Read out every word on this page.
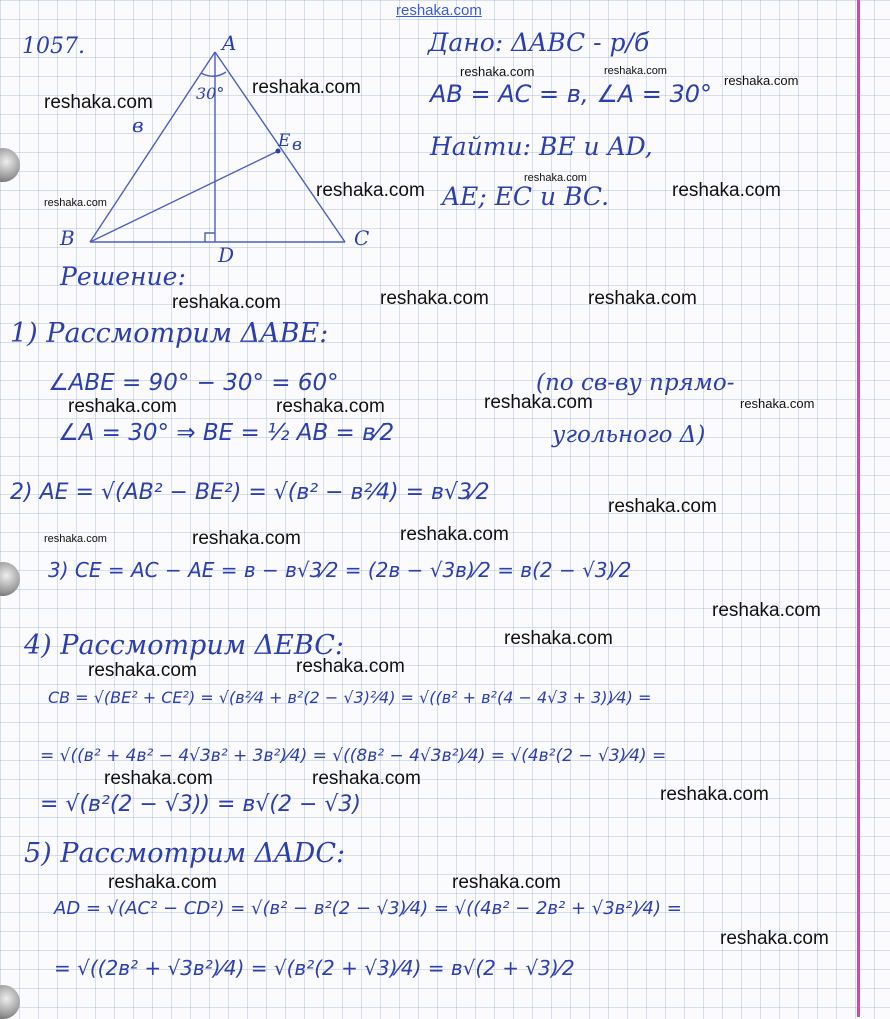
reshaka.com
A
B	C
D
E в
30°
в
1057.	Дано: ΔABC - р/б
AB = AC = в, ∠A = 30°
Найти: BE и AD,
AE; EC и BC.
Решение:
1) Рассмотрим ΔABE:
∠ABE = 90° − 30° = 60°	(по св-ву прямо-
∠A = 30° ⇒ BE = ½ AB = в⁄2	угольного Δ)
2) AE = √(AB² − BE²) = √(в² − в²⁄4) = в√3⁄2
3) CE = AC − AE = в − в√3⁄2 = (2в − √3в)⁄2 = в(2 − √3)⁄2
4) Рассмотрим ΔEBC:
CB = √(BE² + CE²) = √(в²⁄4 + в²(2 − √3)²⁄4) = √((в² + в²(4 − 4√3 + 3))⁄4) =
= √((в² + 4в² − 4√3в² + 3в²)⁄4) = √((8в² − 4√3в²)⁄4) = √(4в²(2 − √3)⁄4) =
= √(в²(2 − √3)) = в√(2 − √3)
5) Рассмотрим ΔADC:
AD = √(AC² − CD²) = √(в² − в²(2 − √3)⁄4) = √((4в² − 2в² + √3в²)⁄4) =
= √((2в² + √3в²)⁄4) = √(в²(2 + √3)⁄4) = в√(2 + √3)⁄2
reshaka.com
reshaka.com
reshaka.com	reshaka.com
reshaka.com
reshaka.com
reshaka.com
reshaka.com
reshaka.com
reshaka.com	reshaka.com	reshaka.com
reshaka.com	reshaka.com	reshaka.com	reshaka.com
reshaka.com
reshaka.com	reshaka.com	reshaka.com
reshaka.com
reshaka.com
reshaka.com	reshaka.com
reshaka.com	reshaka.com
reshaka.com
reshaka.com	reshaka.com
reshaka.com
